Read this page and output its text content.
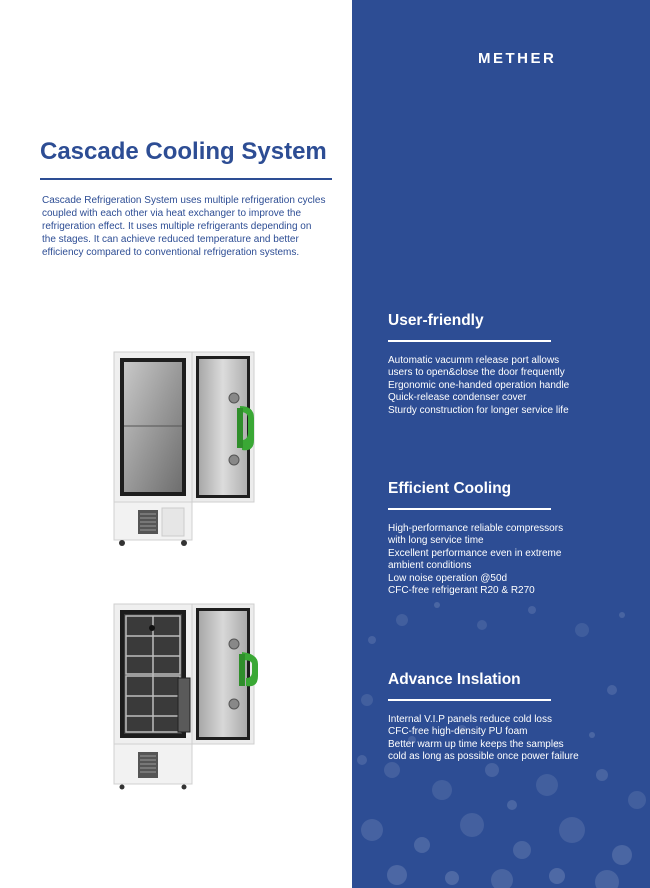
METHER
Cascade Cooling System

Cascade Refrigeration System uses multiple refrigeration cycles
coupled with each other via heat exchanger to improve the
refrigeration effect. It uses multiple refrigerants depending on
the stages. It can achieve reduced temperature and better
efficiency compared to conventional refrigeration systems.

User-friendly
Automatic vacumm release port allows
users to open&close the door frequently
Ergonomic one-handed operation handle
Quick-release condenser cover
Sturdy construction for longer service life
Efficient Cooling
High-performance reliable compressors
with long service time
Excellent performance even in extreme
ambient conditions
Low noise operation @50d
CFC-free refrigerant R20 & R270
Advance Inslation
Internal V.I.P panels reduce cold loss
CFC-free high-density PU foam
Better warm up time keeps the samples
cold as long as possible once power failure
